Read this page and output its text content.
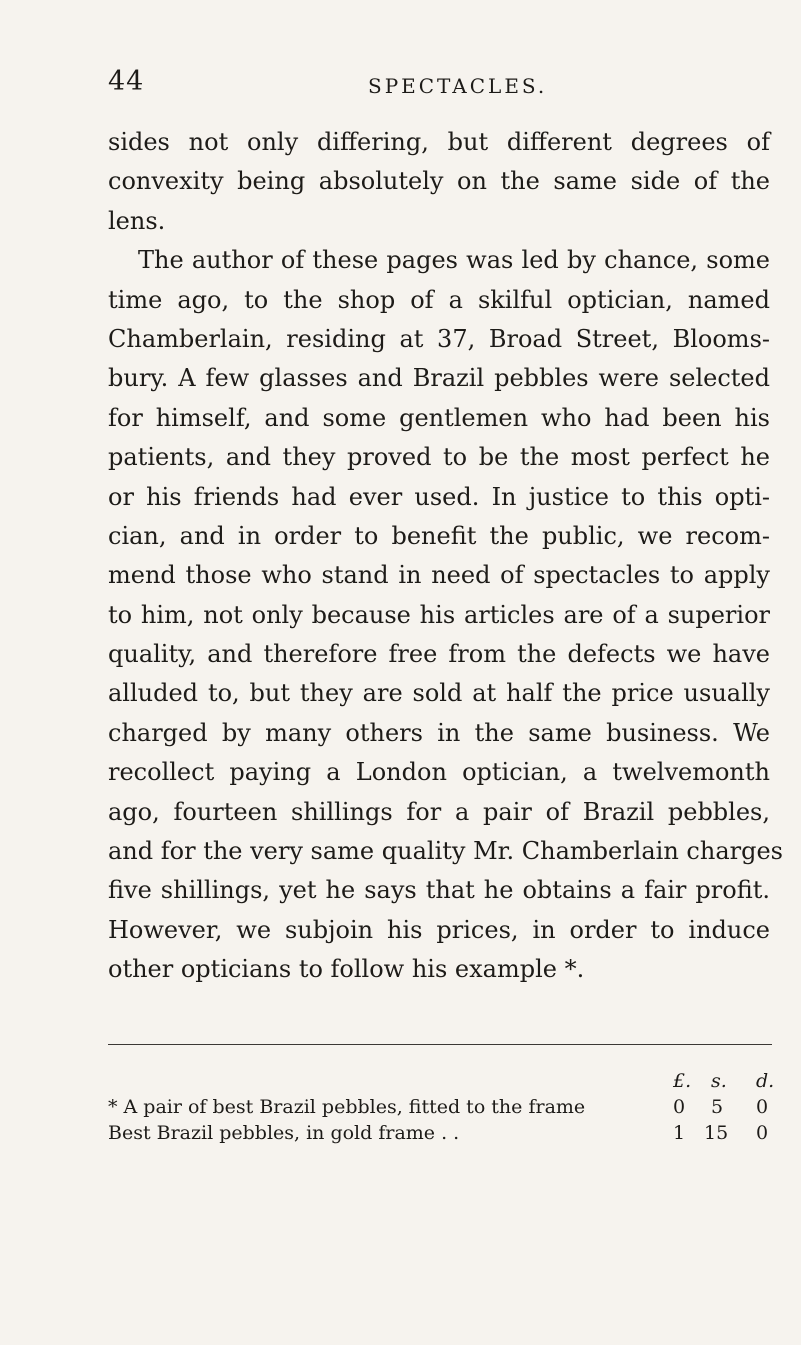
44	SPECTACLES.
sides not only differing, but different degrees of
convexity being absolutely on the same side of the
lens.
The author of these pages was led by chance, some
time ago, to the shop of a skilful optician, named
Chamberlain, residing at 37, Broad Street, Blooms-
bury. A few glasses and Brazil pebbles were selected
for himself, and some gentlemen who had been his
patients, and they proved to be the most perfect he
or his friends had ever used. In justice to this opti-
cian, and in order to benefit the public, we recom-
mend those who stand in need of spectacles to apply
to him, not only because his articles are of a superior
quality, and therefore free from the defects we have
alluded to, but they are sold at half the price usually
charged by many others in the same business. We
recollect paying a London optician, a twelvemonth
ago, fourteen shillings for a pair of Brazil pebbles,
and for the very same quality Mr. Chamberlain charges
five shillings, yet he says that he obtains a fair profit.
However, we subjoin his prices, in order to induce
other opticians to follow his example *.
£. s. d.
* A pair of best Brazil pebbles, fitted to the frame	0 5 0
Best Brazil pebbles, in gold frame . .	1 15 0
